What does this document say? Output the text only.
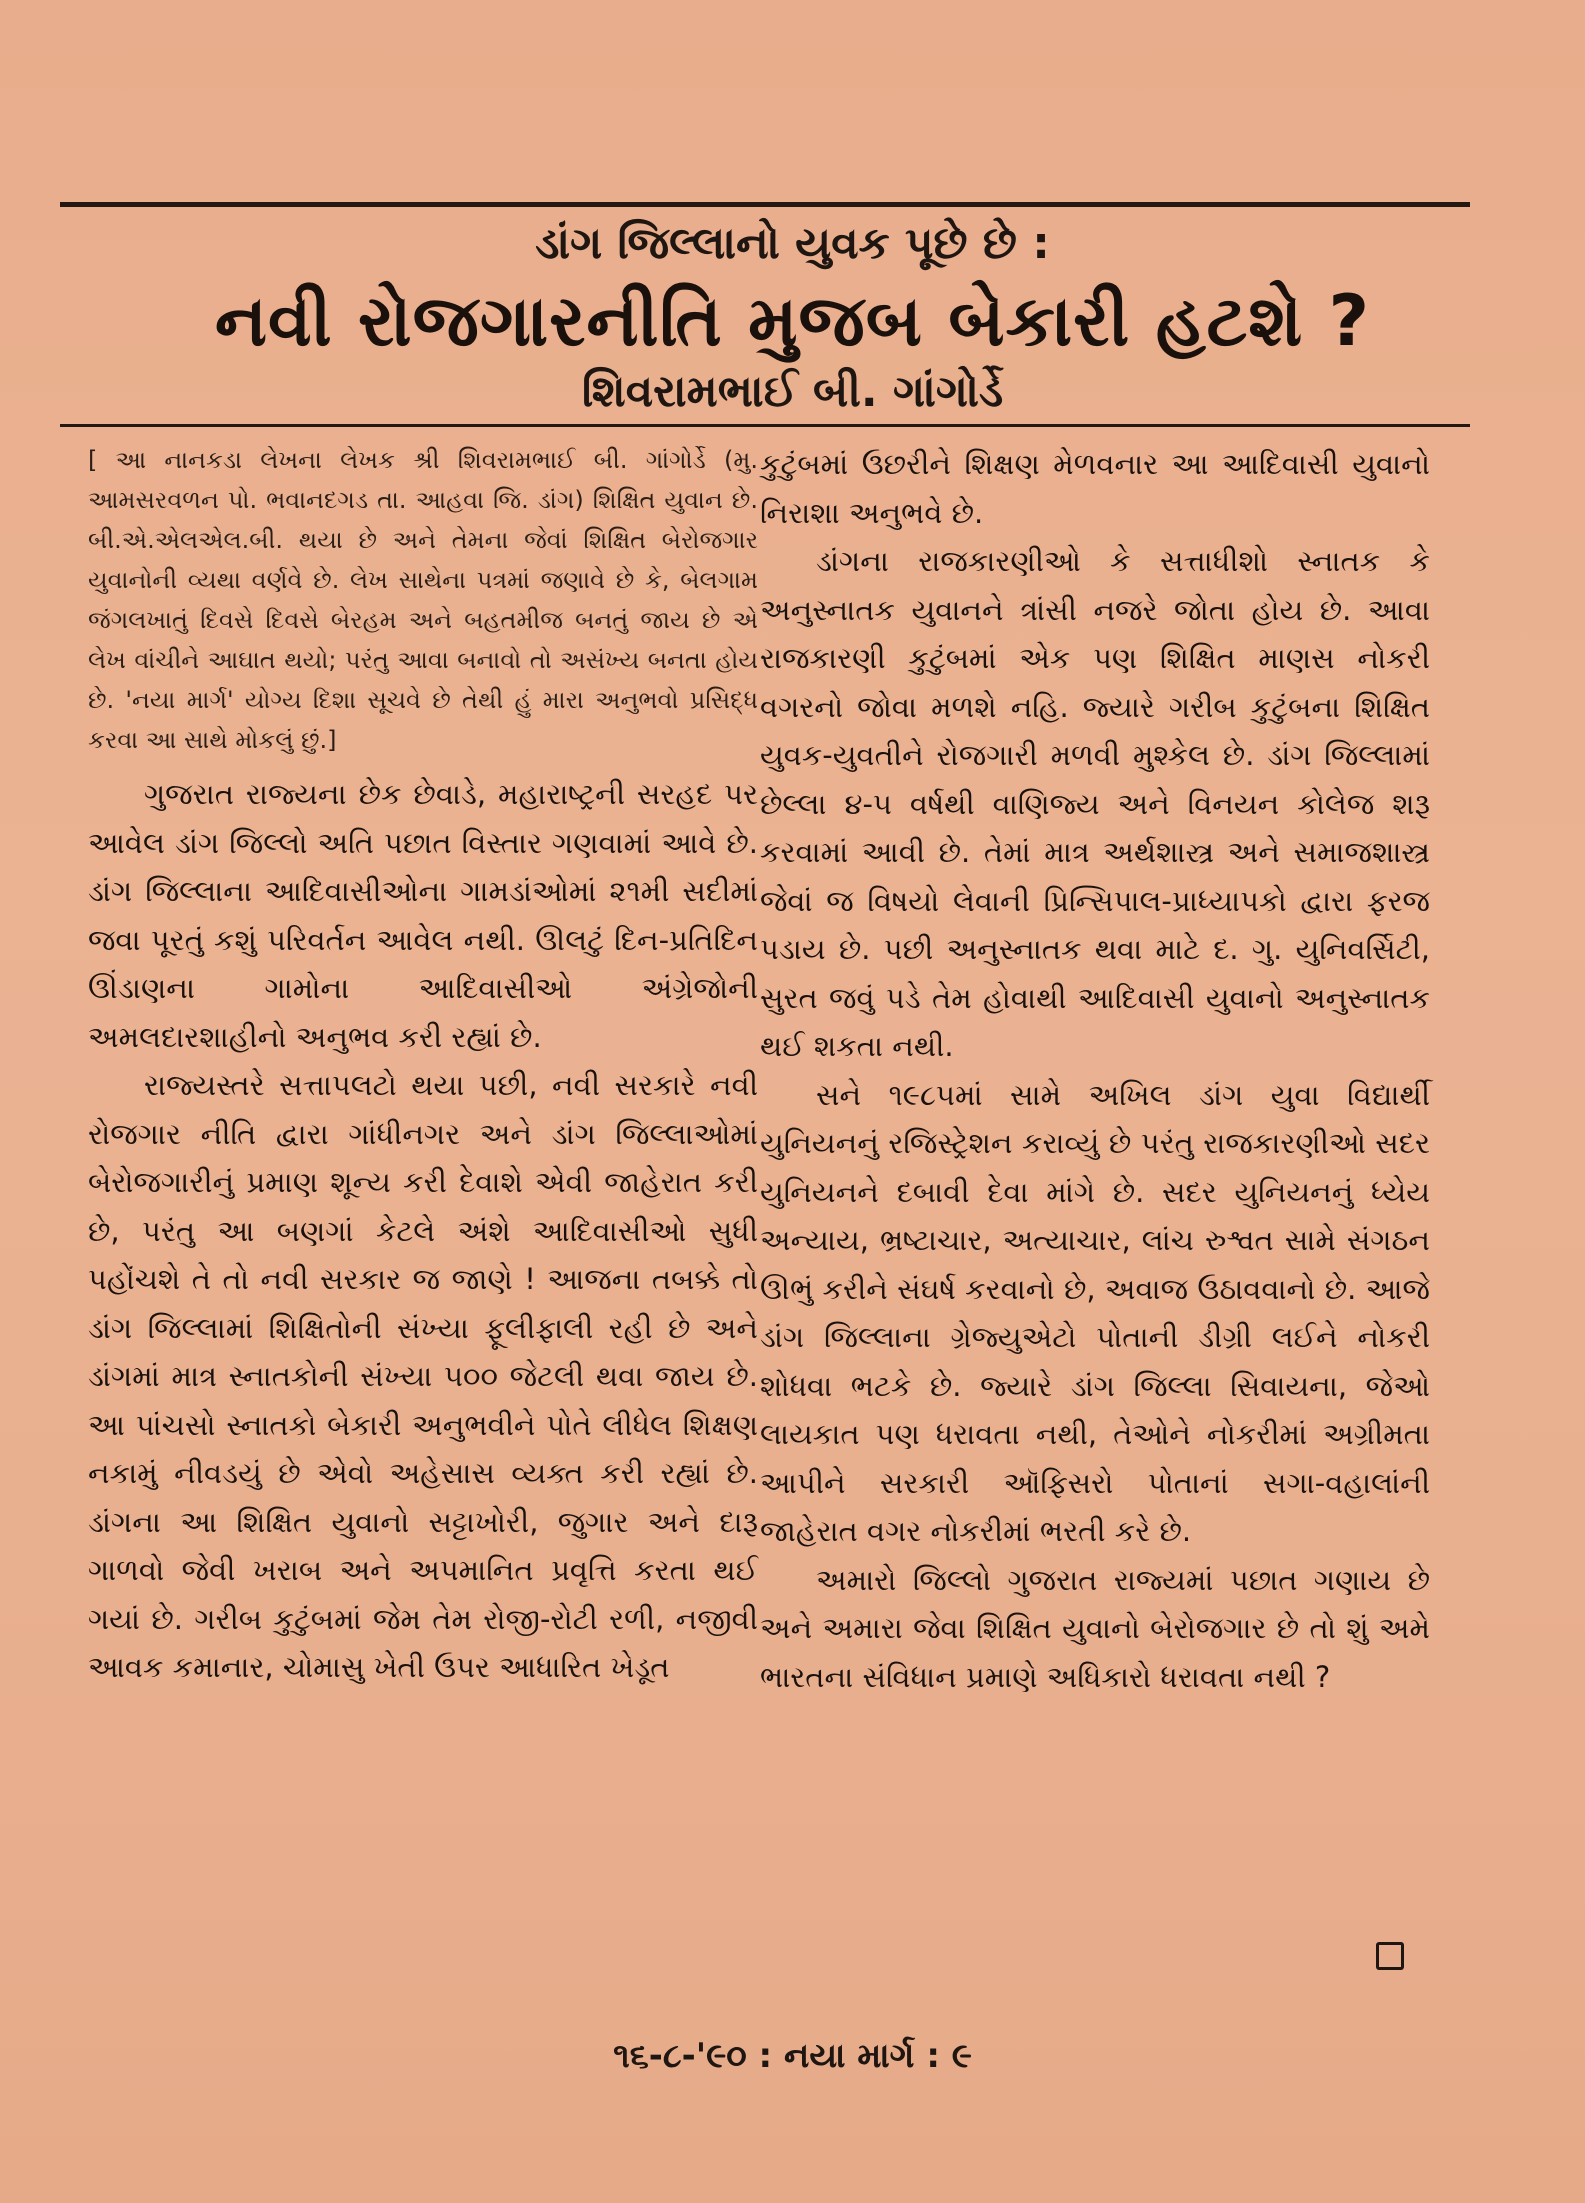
ડાંગ જિલ્લાનો યુવક પૂછે છે :
નવી રોજગારનીતિ મુજબ બેકારી હટશે ?
શિવરામભાઈ બી. ગાંગોર્ડે

[ આ નાનકડા લેખના લેખક શ્રી શિવરામભાઈ બી. ગાંગોર્ડે (મુ. આમસરવળન પો. ભવાનદગડ તા. આહવા જિ. ડાંગ) શિક્ષિત યુવાન છે. બી.એ.એલએલ.બી. થયા છે અને તેમના જેવાં શિક્ષિત બેરોજગાર યુવાનોની વ્યથા વર્ણવે છે. લેખ સાથેના પત્રમાં જણાવે છે કે, બેલગામ જંગલખાતું દિવસે દિવસે બેરહમ અને બહતમીજ બનતું જાય છે એ લેખ વાંચીને આઘાત થયો; પરંતુ આવા બનાવો તો અસંખ્ય બનતા હોય છે. 'નયા માર્ગ' યોગ્ય દિશા સૂચવે છે તેથી હું મારા અનુભવો પ્રસિદ્ધ કરવા આ સાથે મોકલું છું.]

ગુજરાત રાજ્યના છેક છેવાડે, મહારાષ્ટ્રની સરહદ પર આવેલ ડાંગ જિલ્લો અતિ પછાત વિસ્તાર ગણવામાં આવે છે. ડાંગ જિલ્લાના આદિવાસીઓના ગામડાંઓમાં ૨૧મી સદીમાં જવા પૂરતું કશું પરિવર્તન આવેલ નથી. ઊલટું દિન-પ્રતિદિન ઊંડાણના ગામોના આદિવાસીઓ અંગ્રેજોની અમલદારશાહીનો અનુભવ કરી રહ્યાં છે.

રાજ્યસ્તરે સત્તાપલટો થયા પછી, નવી સરકારે નવી રોજગાર નીતિ દ્વારા ગાંધીનગર અને ડાંગ જિલ્લાઓમાં બેરોજગારીનું પ્રમાણ શૂન્ય કરી દેવાશે એવી જાહેરાત કરી છે, પરંતુ આ બણગાં કેટલે અંશે આદિવાસીઓ સુધી પહોંચશે તે તો નવી સરકાર જ જાણે ! આજના તબક્કે તો ડાંગ જિલ્લામાં શિક્ષિતોની સંખ્યા ફૂલીફાલી રહી છે અને ડાંગમાં માત્ર સ્નાતકોની સંખ્યા ૫૦૦ જેટલી થવા જાય છે. આ પાંચસો સ્નાતકો બેકારી અનુભવીને પોતે લીધેલ શિક્ષણ નકામું નીવડયું છે એવો અહેસાસ વ્યક્ત કરી રહ્યાં છે. ડાંગના આ શિક્ષિત યુવાનો સટ્ટાખોરી, જુગાર અને દારૂ ગાળવો જેવી ખરાબ અને અપમાનિત પ્રવૃત્તિ કરતા થઈ ગયાં છે. ગરીબ કુટુંબમાં જેમ તેમ રોજી-રોટી રળી, નજીવી આવક કમાનાર, ચોમાસુ ખેતી ઉપર આધારિત ખેડૂત

કુટુંબમાં ઉછરીને શિક્ષણ મેળવનાર આ આદિવાસી યુવાનો નિરાશા અનુભવે છે.

ડાંગના રાજકારણીઓ કે સત્તાધીશો સ્નાતક કે અનુસ્નાતક યુવાનને ત્રાંસી નજરે જોતા હોય છે. આવા રાજકારણી કુટુંબમાં એક પણ શિક્ષિત માણસ નોકરી વગરનો જોવા મળશે નહિ. જ્યારે ગરીબ કુટુંબના શિક્ષિત યુવક-યુવતીને રોજગારી મળવી મુશ્કેલ છે. ડાંગ જિલ્લામાં છેલ્લા ૪-૫ વર્ષથી વાણિજ્ય અને વિનયન કોલેજ શરૂ કરવામાં આવી છે. તેમાં માત્ર અર્થશાસ્ત્ર અને સમાજશાસ્ત્ર જેવાં જ વિષયો લેવાની પ્રિન્સિપાલ-પ્રાધ્યાપકો દ્વારા ફરજ પડાય છે. પછી અનુસ્નાતક થવા માટે દ. ગુ. યુનિવર્સિટી, સુરત જવું પડે તેમ હોવાથી આદિવાસી યુવાનો અનુસ્નાતક થઈ શકતા નથી.

સને ૧૯૮૫માં સામે અખિલ ડાંગ યુવા વિદ્યાર્થી યુનિયનનું રજિસ્ટ્રેશન કરાવ્યું છે પરંતુ રાજકારણીઓ સદર યુનિયનને દબાવી દેવા માંગે છે. સદર યુનિયનનું ધ્યેય અન્યાય, ભ્રષ્ટાચાર, અત્યાચાર, લાંચ રુશ્વત સામે સંગઠન ઊભું કરીને સંઘર્ષ કરવાનો છે, અવાજ ઉઠાવવાનો છે. આજે ડાંગ જિલ્લાના ગ્રેજ્યુએટો પોતાની ડીગ્રી લઈને નોકરી શોધવા ભટકે છે. જ્યારે ડાંગ જિલ્લા સિવાયના, જેઓ લાયકાત પણ ધરાવતા નથી, તેઓને નોકરીમાં અગ્રીમતા આપીને સરકારી ઑફિસરો પોતાનાં સગા-વહાલાંની જાહેરાત વગર નોકરીમાં ભરતી કરે છે.

અમારો જિલ્લો ગુજરાત રાજ્યમાં પછાત ગણાય છે અને અમારા જેવા શિક્ષિત યુવાનો બેરોજગાર છે તો શું અમે ભારતના સંવિધાન પ્રમાણે અધિકારો ધરાવતા નથી ?

૧૬-૮-'૯૦ : નયા માર્ગ : ૯
